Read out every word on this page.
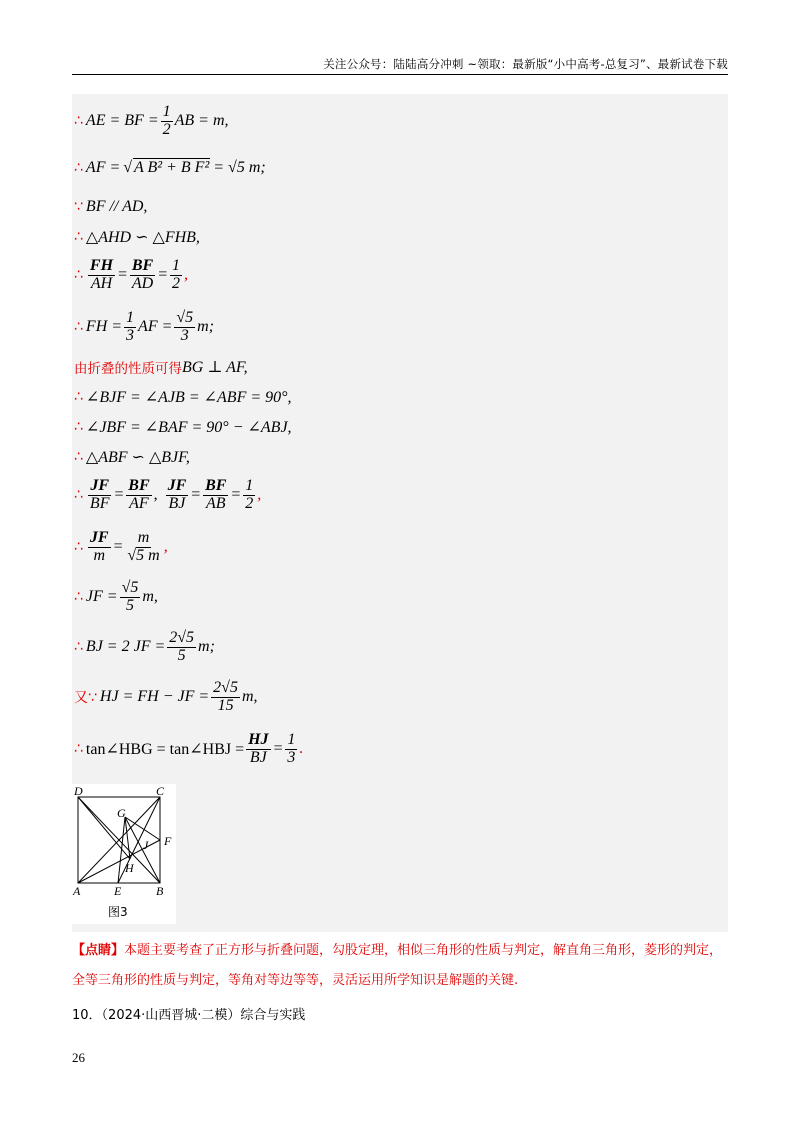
关注公众号：陆陆高分冲刺 ~领取：最新版“小中高考-总复习”、最新试卷下载
∴ AE = BF = $\frac{1}{2}$ AB = m,
∴ AF = √ A B² + B F² = √5 m;
∵ BF // AD,
∴ △AHD ∽ △FHB,
∴ $\frac{FH}{AH} = \frac{BF}{AD} = \frac{1}{2}$ ,
∴ FH = $\frac{1}{3}$ AF = $\frac{√5}{3} m$;
由折叠的性质可得 BG ⊥ AF,
∴ ∠BJF = ∠AJB = ∠ABF = 90°,
∴ ∠JBF = ∠BAF = 90° − ∠ABJ,
∴ △ABF ∽ △BJF,
∴ $\frac{JF}{BF} = \frac{BF}{AF}$ , $\frac{JF}{BJ} = \frac{BF}{AB} = \frac{1}{2}$ ,
∴ $\frac{JF}{m} = \frac{m}{√5 m}$ ,
∴ JF = $\frac{√5}{5} m$,
∴ BJ = 2 JF = $\frac{2√5}{5} m$;
又∵ HJ = FH − JF = $\frac{2√5}{15} m$,
∴ tan∠HBG = tan∠HBJ = $\frac{HJ}{BJ} = \frac{1}{3}$ .
D	C
G
F
J
H
A	E	B
图3
【点睛】本题主要考查了正方形与折叠问题，勾股定理，相似三角形的性质与判定，解直角三角形，菱形的判定，全等三角形的性质与判定，等角对等边等等，灵活运用所学知识是解题的关键.
10．（2024·山西晋城·二模）综合与实践
26
